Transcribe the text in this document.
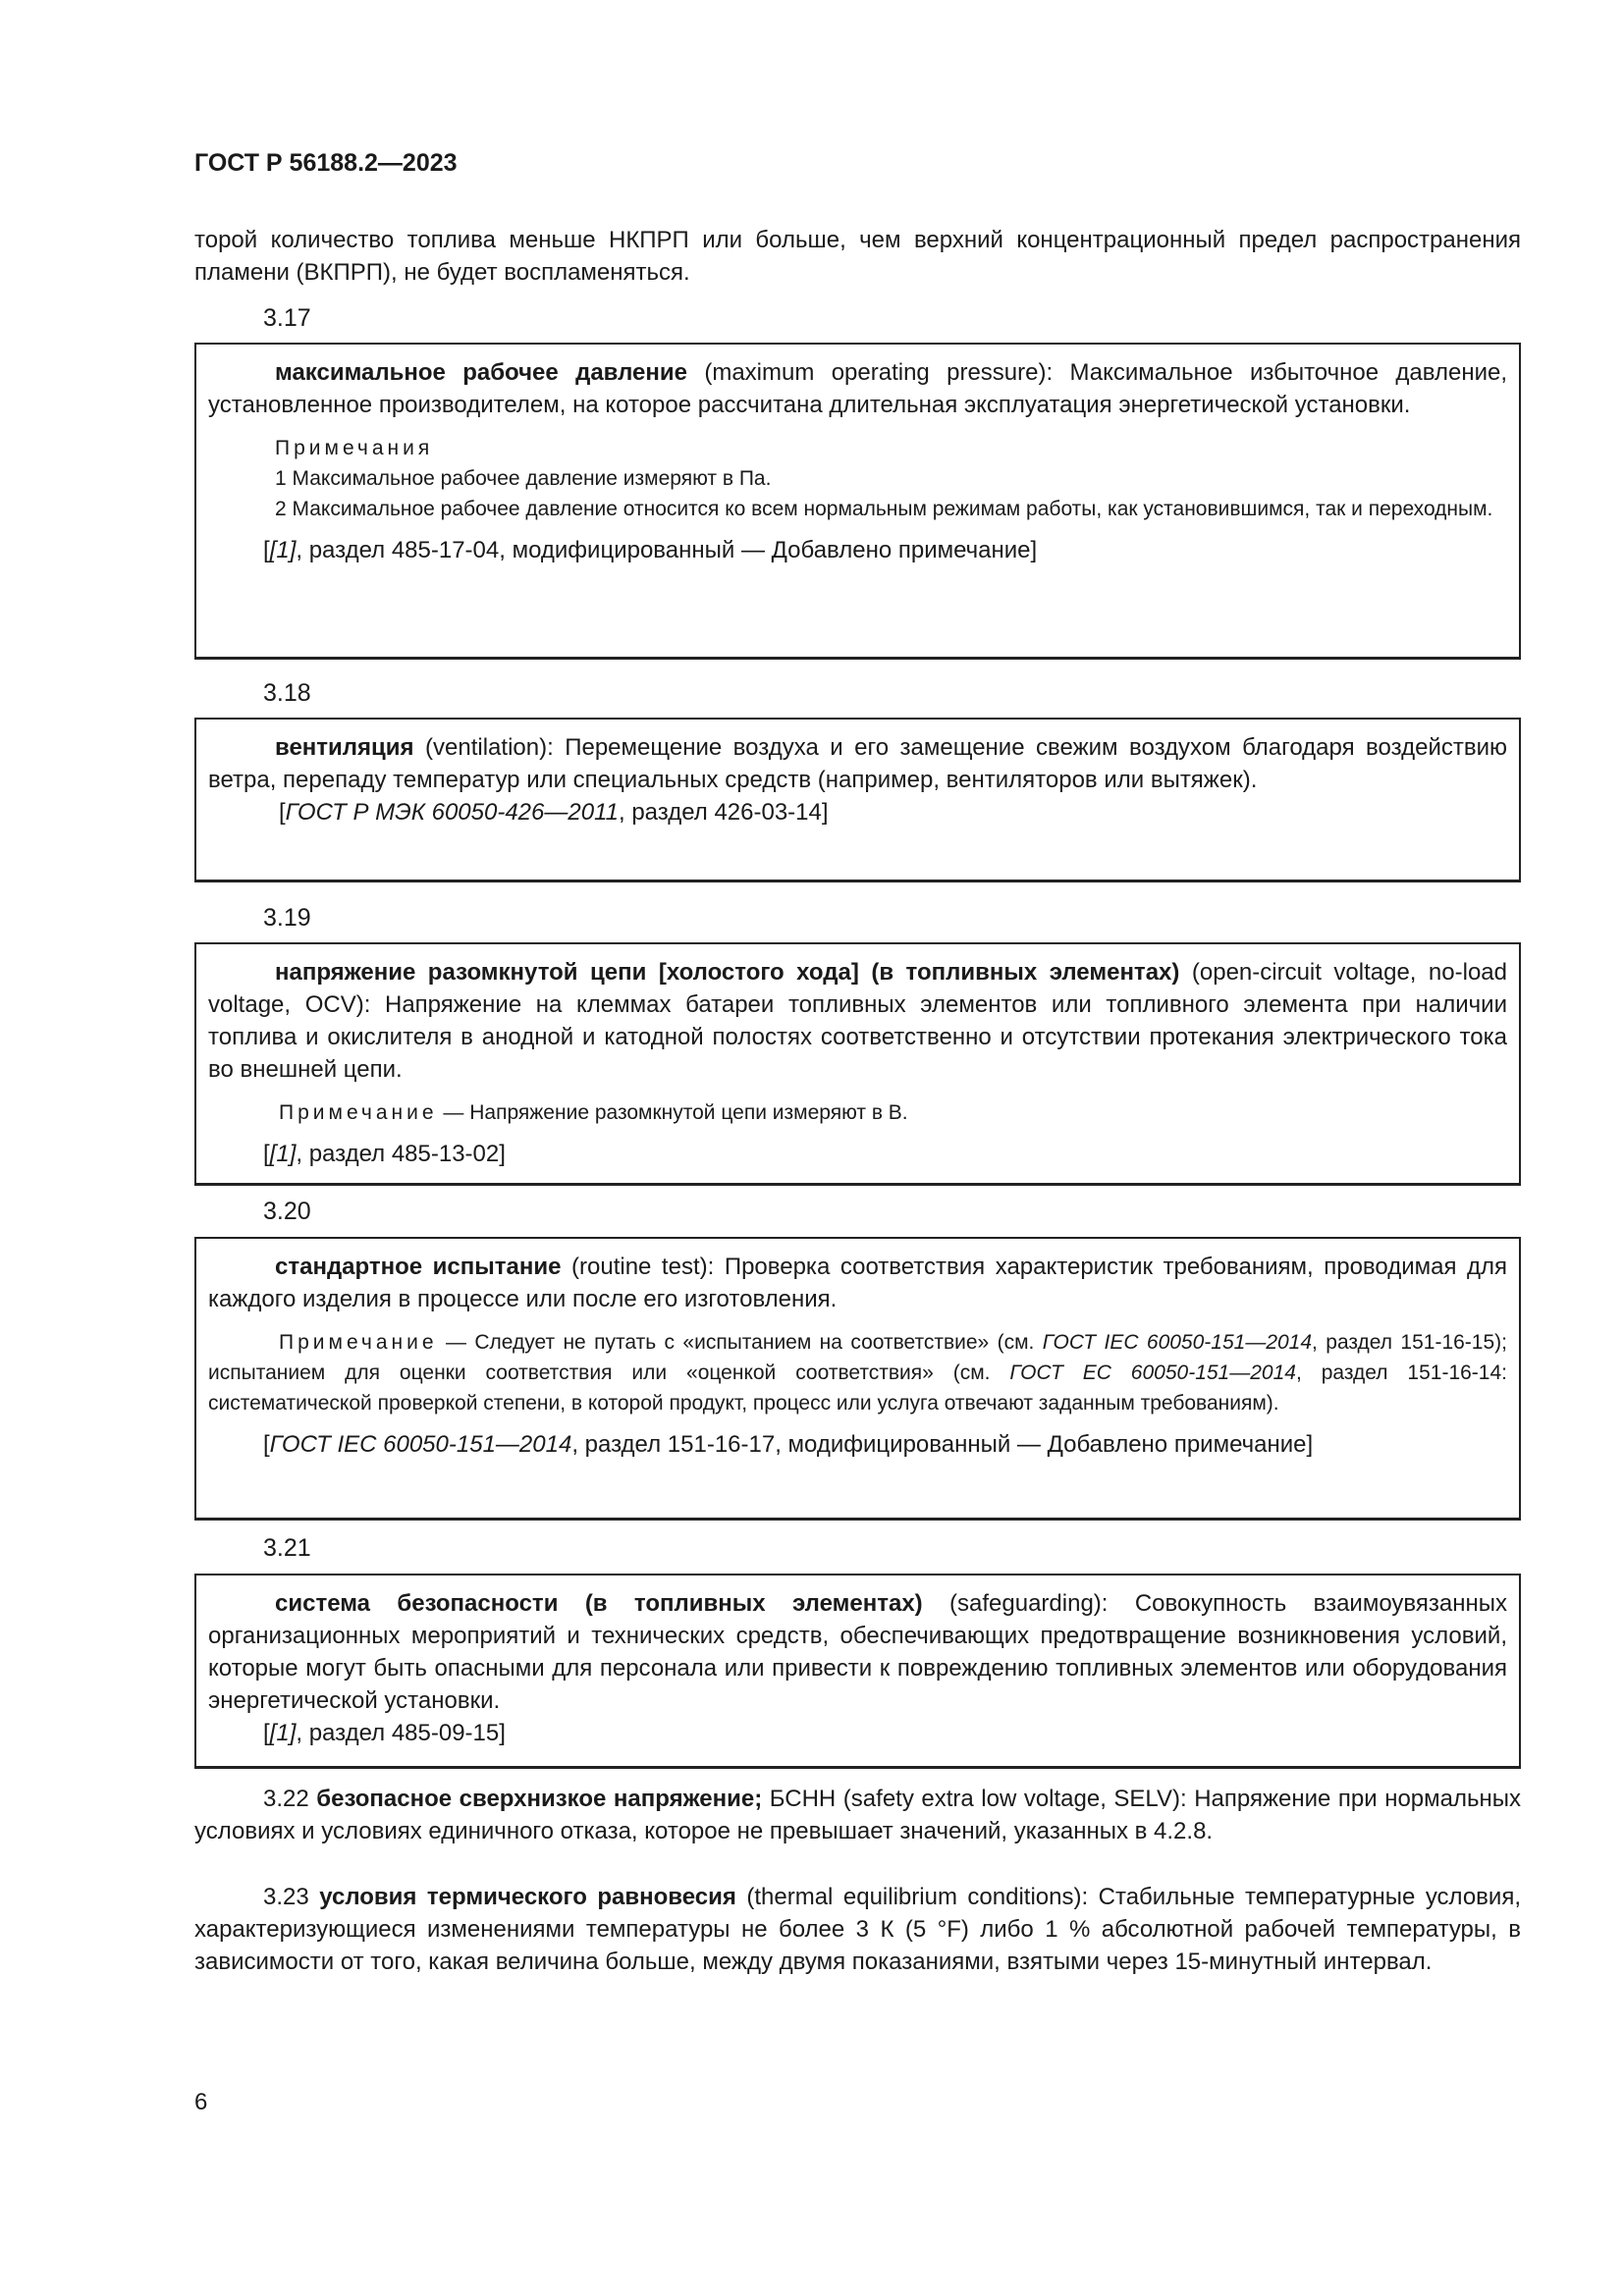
ГОСТ Р 56188.2—2023

торой количество топлива меньше НКПРП или больше, чем верхний концентрационный предел распространения пламени (ВКПРП), не будет воспламеняться.

3.17

максимальное рабочее давление (maximum operating pressure): Максимальное избыточное давление, установленное производителем, на которое рассчитана длительная эксплуатация энергетической установки.

Примечания

1 Максимальное рабочее давление измеряют в Па.

2 Максимальное рабочее давление относится ко всем нормальным режимам работы, как установившимся, так и переходным.

[[1], раздел 485-17-04, модифицированный — Добавлено примечание]

3.18

вентиляция (ventilation): Перемещение воздуха и его замещение свежим воздухом благодаря воздействию ветра, перепаду температур или специальных средств (например, вентиляторов или вытяжек).

[ГОСТ Р МЭК 60050-426—2011, раздел 426-03-14]

3.19

напряжение разомкнутой цепи [холостого хода] (в топливных элементах) (open-circuit voltage, no-load voltage, OCV): Напряжение на клеммах батареи топливных элементов или топливного элемента при наличии топлива и окислителя в анодной и катодной полостях соответственно и отсутствии протекания электрического тока во внешней цепи.

Примечание — Напряжение разомкнутой цепи измеряют в В.

[[1], раздел 485-13-02]

3.20

стандартное испытание (routine test): Проверка соответствия характеристик требованиям, проводимая для каждого изделия в процессе или после его изготовления.

Примечание — Следует не путать с «испытанием на соответствие» (см. ГОСТ IEC 60050-151—2014, раздел 151-16-15); испытанием для оценки соответствия или «оценкой соответствия» (см. ГОСТ EC 60050-151—2014, раздел 151-16-14: систематической проверкой степени, в которой продукт, процесс или услуга отвечают заданным требованиям).

[ГОСТ IEC 60050-151—2014, раздел 151-16-17, модифицированный — Добавлено примечание]

3.21

система безопасности (в топливных элементах) (safeguarding): Совокупность взаимоувязанных организационных мероприятий и технических средств, обеспечивающих предотвращение возникновения условий, которые могут быть опасными для персонала или привести к повреждению топливных элементов или оборудования энергетической установки.

[[1], раздел 485-09-15]

3.22 безопасное сверхнизкое напряжение; БСНН (safety extra low voltage, SELV): Напряжение при нормальных условиях и условиях единичного отказа, которое не превышает значений, указанных в 4.2.8.

3.23 условия термического равновесия (thermal equilibrium conditions): Стабильные температурные условия, характеризующиеся изменениями температуры не более 3 К (5 °F) либо 1 % абсолютной рабочей температуры, в зависимости от того, какая величина больше, между двумя показаниями, взятыми через 15-минутный интервал.

6
